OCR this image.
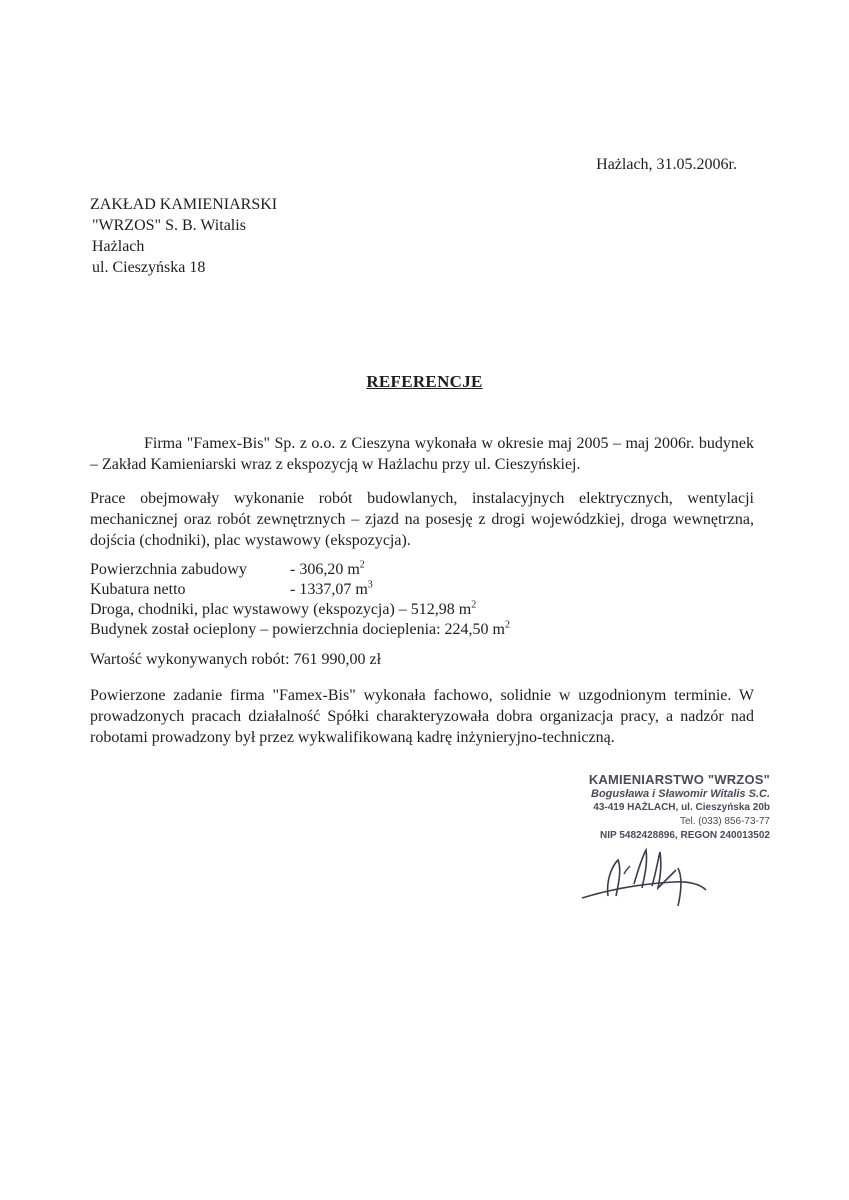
Hażlach, 31.05.2006r.
ZAKŁAD KAMIENIARSKI
"WRZOS" S. B. Witalis
Hażlach
ul. Cieszyńska 18
REFERENCJE
Firma "Famex-Bis" Sp. z o.o. z Cieszyna wykonała w okresie maj 2005 – maj 2006r. budynek – Zakład Kamieniarski wraz z ekspozycją w Hażlachu przy ul. Cieszyńskiej.
Prace obejmowały wykonanie robót budowlanych, instalacyjnych elektrycznych, wentylacji mechanicznej oraz robót zewnętrznych – zjazd na posesję z drogi wojewódzkiej, droga wewnętrzna, dojścia (chodniki), plac wystawowy (ekspozycja).
Powierzchnia zabudowy	- 306,20 $m^2$
Kubatura netto	- 1337,07 $m^3$
Droga, chodniki, plac wystawowy (ekspozycja) – 512,98 $m^2$
Budynek został ocieplony – powierzchnia docieplenia: 224,50 $m^2$
Wartość wykonywanych robót: 761 990,00 zł
Powierzone zadanie firma "Famex-Bis" wykonała fachowo, solidnie w uzgodnionym terminie. W prowadzonych pracach działalność Spółki charakteryzowała dobra organizacja pracy, a nadzór nad robotami prowadzony był przez wykwalifikowaną kadrę inżynieryjno-techniczną.
KAMIENIARSTWO "WRZOS"
Bogusława i Sławomir Witalis S.C.
43-419 HAŻLACH, ul. Cieszyńska 20b
Tel. (033) 856-73-77
NIP 5482428896, REGON 240013502
